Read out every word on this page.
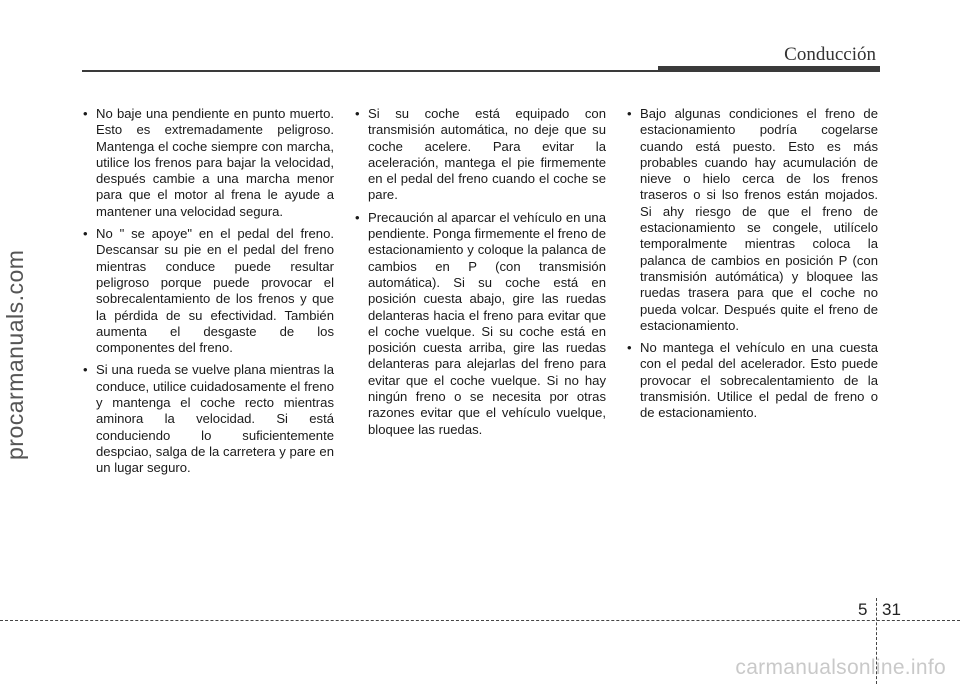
Conducción
procarmanuals.com
• No baje una pendiente en punto muerto. Esto es extremadamente peligroso. Mantenga el coche siempre con marcha, utilice los frenos para bajar la velocidad, después cambie a una marcha menor para que el motor al frena le ayude a mantener una velocidad segura.
• No " se apoye" en el pedal del freno. Descansar su pie en el pedal del freno mientras conduce puede resultar peligroso porque puede provocar el sobrecalentamiento de los frenos y que la pérdida de su efectividad. También aumenta el desgaste de los componentes del freno.
• Si una rueda se vuelve plana mientras la conduce, utilice cuidadosamente el freno y mantenga el coche recto mientras aminora la velocidad. Si está conduciendo lo suficientemente despciao, salga de la carretera y pare en un lugar seguro.
• Si su coche está equipado con transmisión automática, no deje que su coche acelere. Para evitar la aceleración, mantega el pie firmemente en el pedal del freno cuando el coche se pare.
• Precaución al aparcar el vehículo en una pendiente. Ponga firmemente el freno de estacionamiento y coloque la palanca de cambios en P (con transmisión automática). Si su coche está en posición cuesta abajo, gire las ruedas delanteras hacia el freno para evitar que el coche vuelque. Si su coche está en posición cuesta arriba, gire las ruedas delanteras para alejarlas del freno para evitar que el coche vuelque. Si no hay ningún freno o se necesita por otras razones evitar que el vehículo vuelque, bloquee las ruedas.
• Bajo algunas condiciones el freno de estacionamiento podría cogelarse cuando está puesto. Esto es más probables cuando hay acumulación de nieve o hielo cerca de los frenos traseros o si lso frenos están mojados. Si ahy riesgo de que el freno de estacionamiento se congele, utilícelo temporalmente mientras coloca la palanca de cambios en posición P (con transmisión autómática) y bloquee las ruedas trasera para que el coche no pueda volcar. Después quite el freno de estacionamiento.
• No mantega el vehículo en una cuesta con el pedal del acelerador. Esto puede provocar el sobrecalentamiento de la transmisión. Utilice el pedal de freno o de estacionamiento.
5 31
carmanualsonline.info
